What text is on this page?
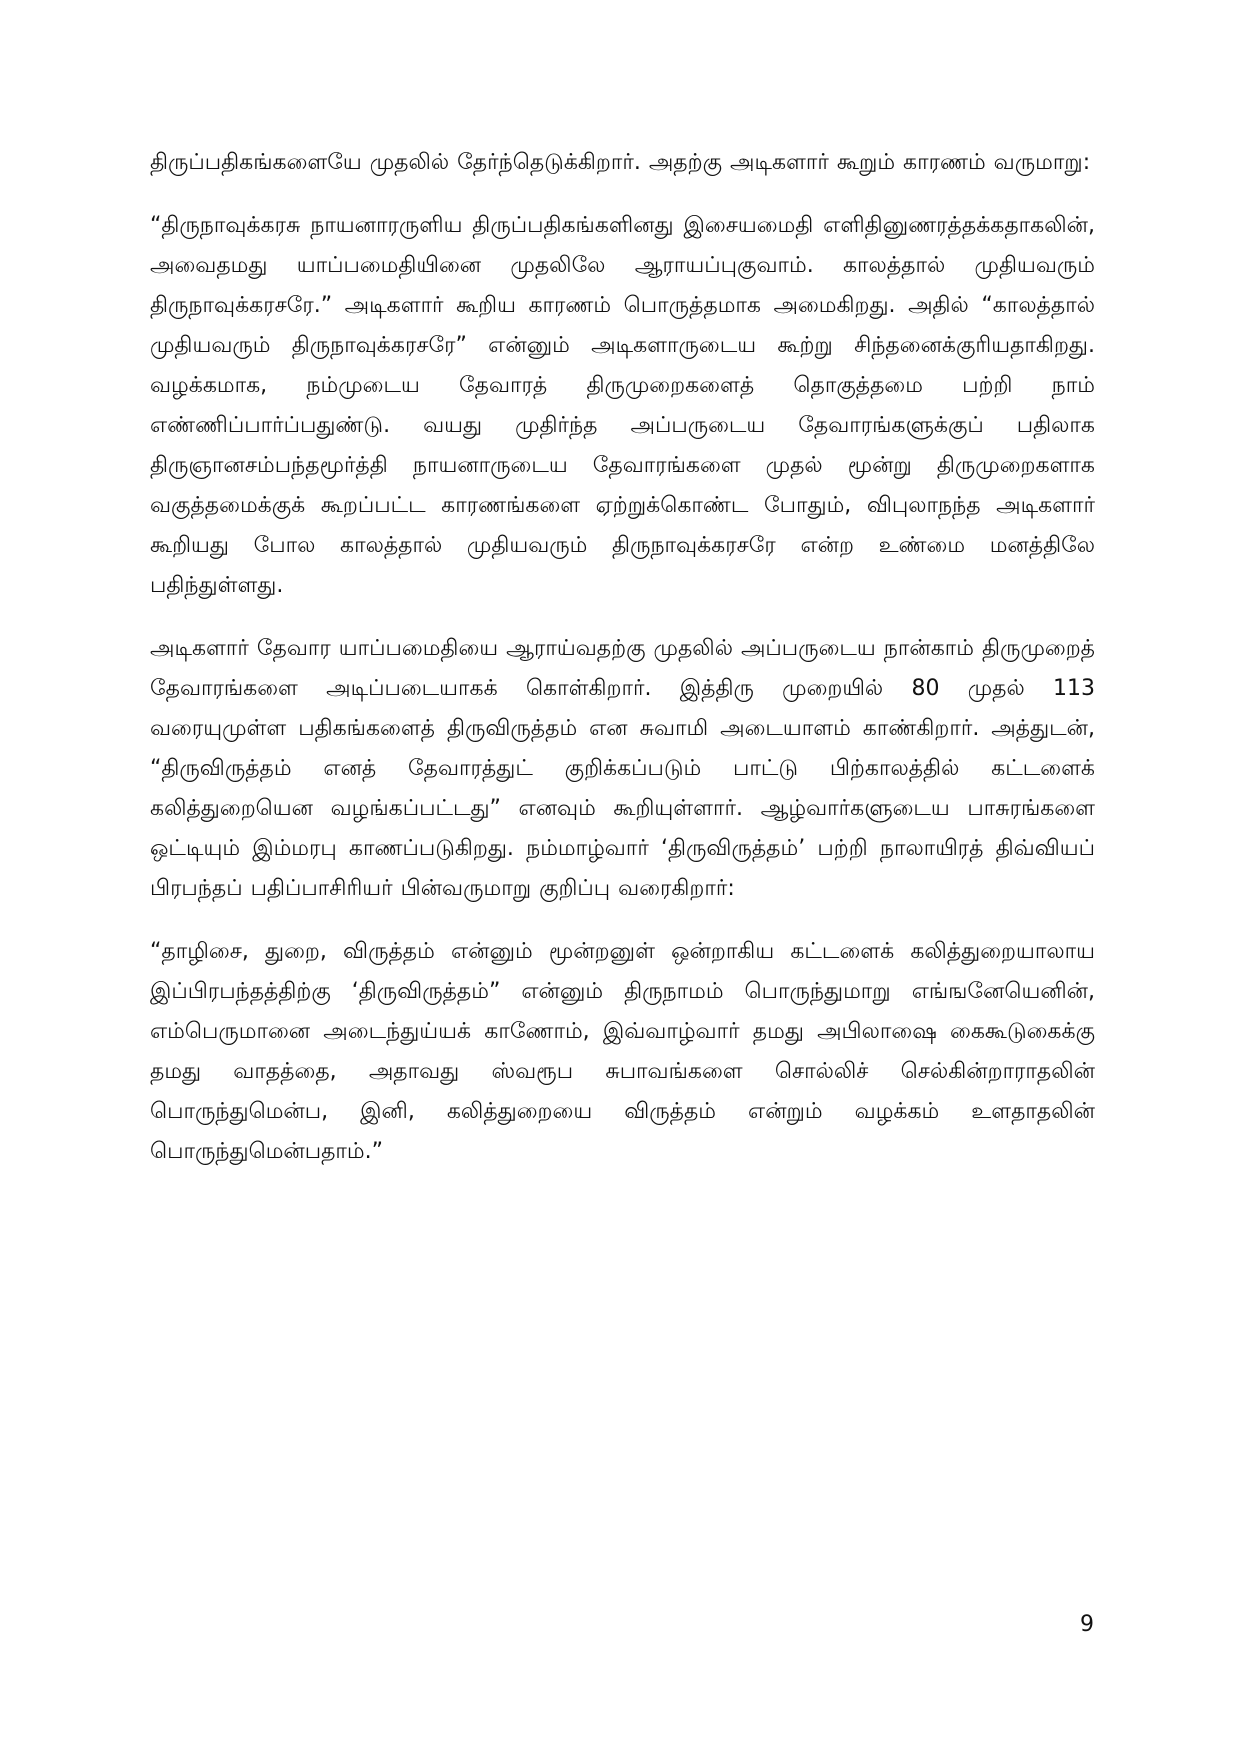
திருப்பதிகங்களையே முதலில் தேர்ந்தெடுக்கிறார். அதற்கு அடிகளார் கூறும் காரணம் வருமாறு:

“திருநாவுக்கரசு நாயனாரருளிய திருப்பதிகங்களினது இசையமைதி எளிதினுணரத்தக்கதாகலின், அவைதமது யாப்பமைதியினை முதலிலே ஆராயப்புகுவாம். காலத்தால் முதியவரும் திருநாவுக்கரசரே.” அடிகளார் கூறிய காரணம் பொருத்தமாக அமைகிறது. அதில் “காலத்தால் முதியவரும் திருநாவுக்கரசரே” என்னும் அடிகளாருடைய கூற்று சிந்தனைக்குரியதாகிறது. வழக்கமாக, நம்முடைய தேவாரத் திருமுறைகளைத் தொகுத்தமை பற்றி நாம் எண்ணிப்பார்ப்பதுண்டு. வயது முதிர்ந்த அப்பருடைய தேவாரங்களுக்குப் பதிலாக திருஞானசம்பந்தமூர்த்தி நாயனாருடைய தேவாரங்களை முதல் மூன்று திருமுறைகளாக வகுத்தமைக்குக் கூறப்பட்ட காரணங்களை ஏற்றுக்கொண்ட போதும், விபுலாநந்த அடிகளார் கூறியது போல காலத்தால் முதியவரும் திருநாவுக்கரசரே என்ற உண்மை மனத்திலே பதிந்துள்ளது.

அடிகளார் தேவார யாப்பமைதியை ஆராய்வதற்கு முதலில் அப்பருடைய நான்காம் திருமுறைத் தேவாரங்களை அடிப்படையாகக் கொள்கிறார். இத்திரு முறையில் 80 முதல் 113 வரையுமுள்ள பதிகங்களைத் திருவிருத்தம் என சுவாமி அடையாளம் காண்கிறார். அத்துடன், “திருவிருத்தம் எனத் தேவாரத்துட் குறிக்கப்படும் பாட்டு பிற்காலத்தில் கட்டளைக் கலித்துறையென வழங்கப்பட்டது” எனவும் கூறியுள்ளார். ஆழ்வார்களுடைய பாசுரங்களை ஒட்டியும் இம்மரபு காணப்படுகிறது. நம்மாழ்வார் ‘திருவிருத்தம்’ பற்றி நாலாயிரத் திவ்வியப் பிரபந்தப் பதிப்பாசிரியர் பின்வருமாறு குறிப்பு வரைகிறார்:

“தாழிசை, துறை, விருத்தம் என்னும் மூன்றனுள் ஒன்றாகிய கட்டளைக் கலித்துறையாலாய இப்பிரபந்தத்திற்கு ‘திருவிருத்தம்” என்னும் திருநாமம் பொருந்துமாறு எங்ஙனேயெனின், எம்பெருமானை அடைந்துய்யக் காணோம், இவ்வாழ்வார் தமது அபிலாஷை கைகூடுகைக்கு தமது வாதத்தை, அதாவது ஸ்வரூப சுபாவங்களை சொல்லிச் செல்கின்றாராதலின் பொருந்துமென்ப, இனி, கலித்துறையை விருத்தம் என்றும் வழக்கம் உளதாதலின் பொருந்துமென்பதாம்.”

9
